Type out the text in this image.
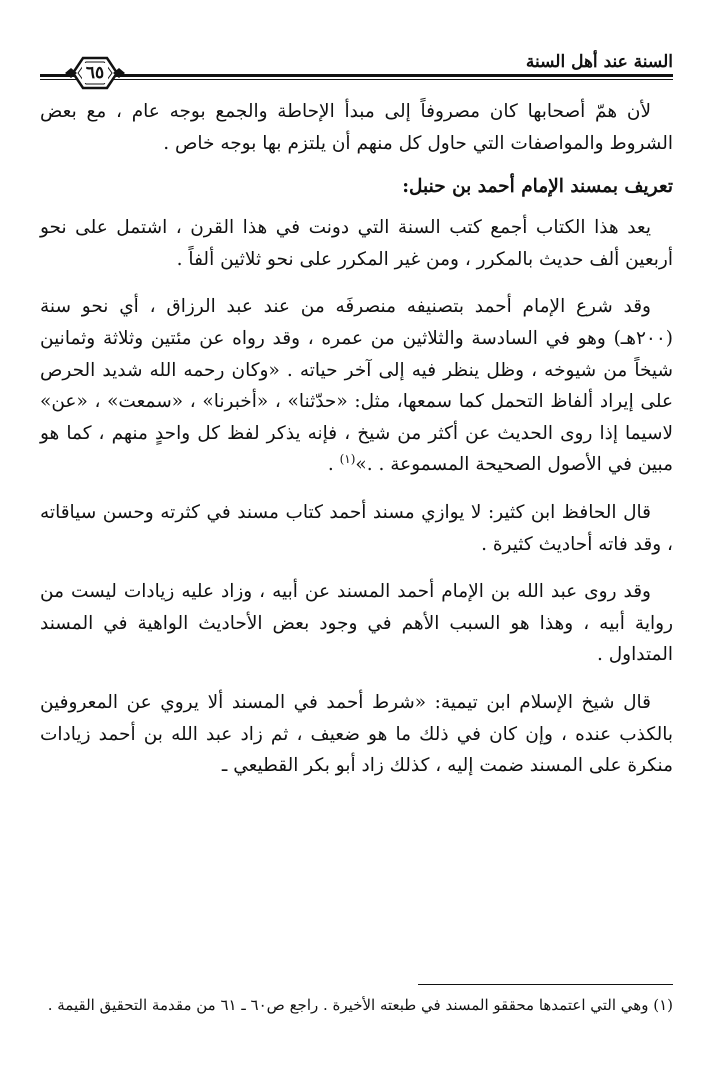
السنة عند أهل السنة
٦٥

لأن همّ أصحابها كان مصروفاً إلى مبدأ الإحاطة والجمع بوجه عام ، مع بعض الشروط والمواصفات التي حاول كل منهم أن يلتزم بها بوجه خاص .

تعريف بمسند الإمام أحمد بن حنبل:

يعد هذا الكتاب أجمع كتب السنة التي دونت في هذا القرن ، اشتمل على نحو أربعين ألف حديث بالمكرر ، ومن غير المكرر على نحو ثلاثين ألفاً .

وقد شرع الإمام أحمد بتصنيفه منصرفَه من عند عبد الرزاق ، أي نحو سنة (٢٠٠هـ) وهو في السادسة والثلاثين من عمره ، وقد رواه عن مئتين وثلاثة وثمانين شيخاً من شيوخه ، وظل ينظر فيه إلى آخر حياته . «وكان رحمه الله شديد الحرص على إيراد ألفاظ التحمل كما سمعها، مثل: «حدّثنا» ، «أخبرنا» ، «سمعت» ، «عن» لاسيما إذا روى الحديث عن أكثر من شيخ ، فإنه يذكر لفظ كل واحدٍ منهم ، كما هو مبين في الأصول الصحيحة المسموعة . .»$^{(١)}$ .

قال الحافظ ابن كثير: لا يوازي مسند أحمد كتاب مسند في كثرته وحسن سياقاته ، وقد فاته أحاديث كثيرة .

وقد روى عبد الله بن الإمام أحمد المسند عن أبيه ، وزاد عليه زيادات ليست من رواية أبيه ، وهذا هو السبب الأهم في وجود بعض الأحاديث الواهية في المسند المتداول .

قال شيخ الإسلام ابن تيمية: «شرط أحمد في المسند ألا يروي عن المعروفين بالكذب عنده ، وإن كان في ذلك ما هو ضعيف ، ثم زاد عبد الله بن أحمد زيادات منكرة على المسند ضمت إليه ، كذلك زاد أبو بكر القطيعي ـ

(١) وهي التي اعتمدها محققو المسند في طبعته الأخيرة . راجع ص٦٠ ـ ٦١ من مقدمة التحقيق القيمة .
